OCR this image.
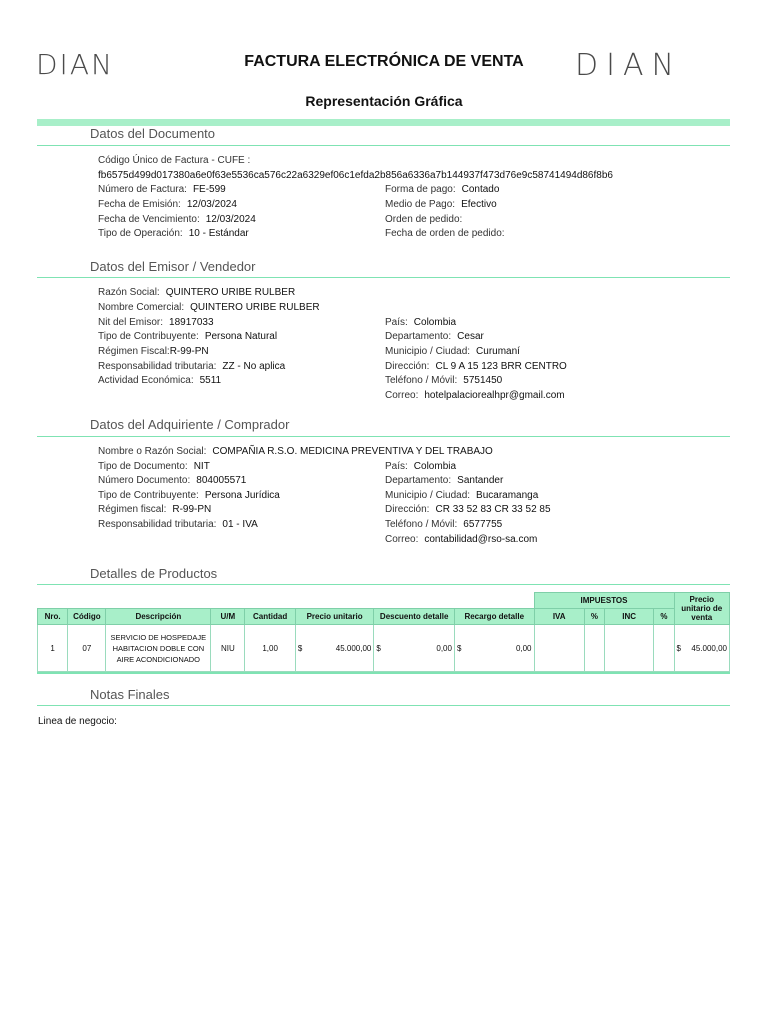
DIAN	FACTURA ELECTRÓNICA DE VENTA	DIAN
Representación Gráfica
Datos del Documento
Código Único de Factura - CUFE :
fb6575d499d017380a6e0f63e5536ca576c22a6329ef06c1efda2b856a6336a7b144937f473d76e9c58741494d86f8b6
Número de Factura: FE-599
Fecha de Emisión: 12/03/2024
Fecha de Vencimiento: 12/03/2024
Tipo de Operación: 10 - Estándar
Forma de pago: Contado
Medio de Pago: Efectivo
Orden de pedido:
Fecha de orden de pedido:
Datos del Emisor / Vendedor
Razón Social: QUINTERO URIBE RULBER
Nombre Comercial: QUINTERO URIBE RULBER
Nit del Emisor: 18917033
Tipo de Contribuyente: Persona Natural
Régimen Fiscal:R-99-PN
Responsabilidad tributaria: ZZ - No aplica
Actividad Económica: 5511
País: Colombia
Departamento: Cesar
Municipio / Ciudad: Curumaní
Dirección: CL 9 A 15 123 BRR CENTRO
Teléfono / Móvil: 5751450
Correo: hotelpalaciorealhpr@gmail.com
Datos del Adquiriente / Comprador
Nombre o Razón Social: COMPAÑIA R.S.O. MEDICINA PREVENTIVA Y DEL TRABAJO
Tipo de Documento: NIT
Número Documento: 804005571
Tipo de Contribuyente: Persona Jurídica
Régimen fiscal: R-99-PN
Responsabilidad tributaria: 01 - IVA
País: Colombia
Departamento: Santander
Municipio / Ciudad: Bucaramanga
Dirección: CR 33 52 83 CR 33 52 85
Teléfono / Móvil: 6577755
Correo: contabilidad@rso-sa.com
Detalles de Productos
								IMPUESTOS				Precio unitario de venta
Nro.	Código	Descripción	U/M	Cantidad	Precio unitario	Descuento detalle	Recargo detalle	IVA	%	INC	%	
1	07	SERVICIO DE HOSPEDAJE HABITACION DOBLE CON AIRE ACONDICIONADO	NIU	1,00	$ 45.000,00	$ 0,00	$ 0,00					$ 45.000,00
Notas Finales
Linea de negocio:
